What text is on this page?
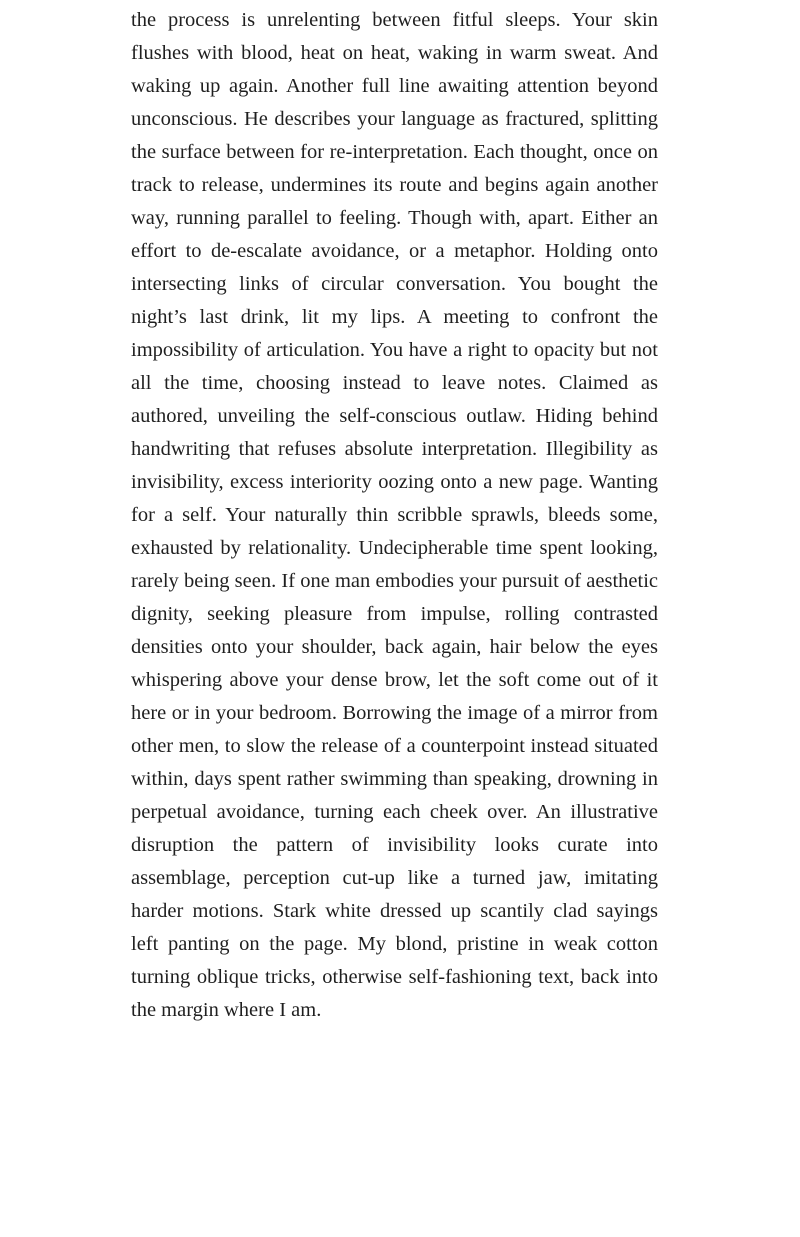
the process is unrelenting between fitful sleeps. Your skin flushes with blood, heat on heat, waking in warm sweat. And waking up again. Another full line awaiting attention beyond unconscious. He describes your language as fractured, splitting the surface between for re-interpretation. Each thought, once on track to release, undermines its route and begins again another way, running parallel to feeling. Though with, apart. Either an effort to de-escalate avoidance, or a metaphor. Holding onto intersecting links of circular conversation. You bought the night’s last drink, lit my lips. A meeting to confront the impossibility of articulation. You have a right to opacity but not all the time, choosing instead to leave notes. Claimed as authored, unveiling the self-conscious outlaw. Hiding behind handwriting that refuses absolute interpretation. Illegibility as invisibility, excess interiority oozing onto a new page. Wanting for a self. Your naturally thin scribble sprawls, bleeds some, exhausted by relationality. Undecipherable time spent looking, rarely being seen. If one man embodies your pursuit of aesthetic dignity, seeking pleasure from impulse, rolling contrasted densities onto your shoulder, back again, hair below the eyes whispering above your dense brow, let the soft come out of it here or in your bedroom. Borrowing the image of a mirror from other men, to slow the release of a counterpoint instead situated within, days spent rather swimming than speaking, drowning in perpetual avoidance, turning each cheek over. An illustrative disruption the pattern of invisibility looks curate into assemblage, perception cut-up like a turned jaw, imitating harder motions. Stark white dressed up scantily clad sayings left panting on the page. My blond, pristine in weak cotton turning oblique tricks, otherwise self-fashioning text, back into the margin where I am.
